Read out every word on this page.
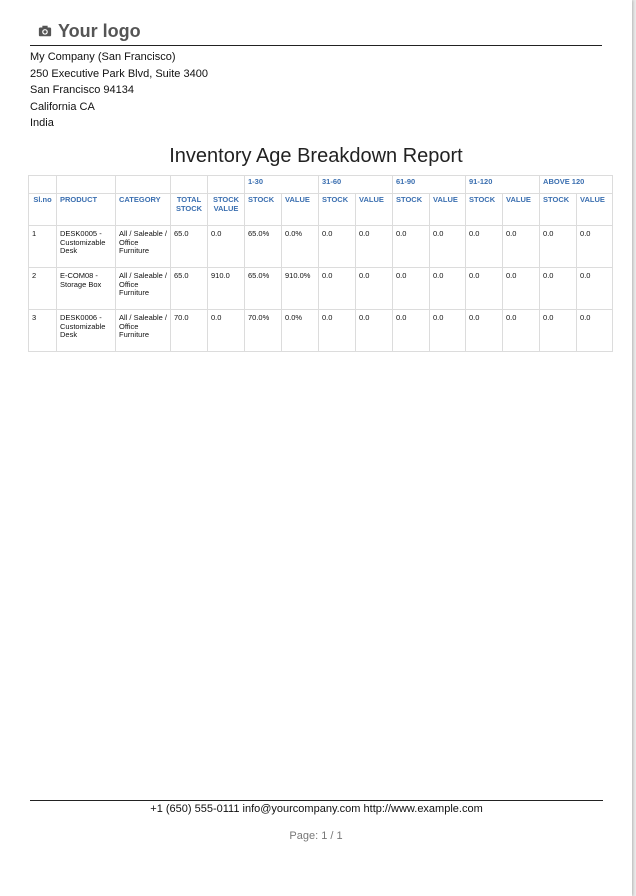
Your logo
My Company (San Francisco)
250 Executive Park Blvd, Suite 3400
San Francisco 94134
California CA
India
Inventory Age Breakdown Report
					1-30		31-60		61-90		91-120		ABOVE 120	
Sl.no	PRODUCT	CATEGORY	TOTAL STOCK	STOCK VALUE	STOCK	VALUE	STOCK	VALUE	STOCK	VALUE	STOCK	VALUE	STOCK	VALUE
1	DESK0005 - Customizable Desk	All / Saleable / Office Furniture	65.0	0.0	65.0%	0.0%	0.0	0.0	0.0	0.0	0.0	0.0	0.0	0.0
2	E-COM08 - Storage Box	All / Saleable / Office Furniture	65.0	910.0	65.0%	910.0%	0.0	0.0	0.0	0.0	0.0	0.0	0.0	0.0
3	DESK0006 - Customizable Desk	All / Saleable / Office Furniture	70.0	0.0	70.0%	0.0%	0.0	0.0	0.0	0.0	0.0	0.0	0.0	0.0
+1 (650) 555-0111 info@yourcompany.com http://www.example.com
Page: 1 / 1
